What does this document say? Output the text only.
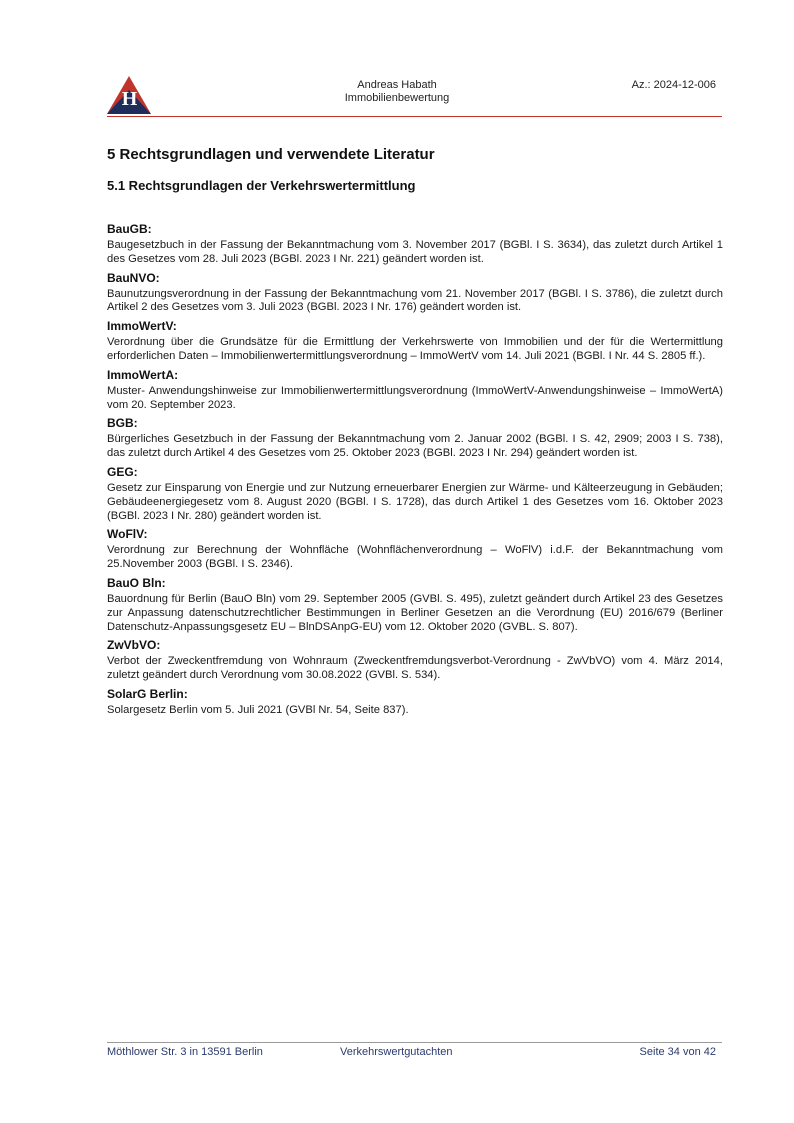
H
Andreas Habath
Immobilienbewertung
Az.: 2024-12-006
5 Rechtsgrundlagen und verwendete Literatur
5.1 Rechtsgrundlagen der Verkehrswertermittlung

BauGB:

Baugesetzbuch in der Fassung der Bekanntmachung vom 3. November 2017 (BGBl. I S. 3634), das zuletzt durch Artikel 1 des Gesetzes vom 28. Juli 2023 (BGBl. 2023 I Nr. 221) geändert worden ist.

BauNVO:

Baunutzungsverordnung in der Fassung der Bekanntmachung vom 21. November 2017 (BGBl. I S. 3786), die zuletzt durch Artikel 2 des Gesetzes vom 3. Juli 2023 (BGBl. 2023 I Nr. 176) geändert worden ist.

ImmoWertV:

Verordnung über die Grundsätze für die Ermittlung der Verkehrswerte von Immobilien und der für die Wertermittlung erforderlichen Daten – Immobilienwertermittlungsverordnung – ImmoWertV vom 14. Juli 2021 (BGBl. I Nr. 44 S. 2805 ff.).

ImmoWertA:

Muster- Anwendungshinweise zur Immobilienwertermittlungsverordnung (ImmoWertV-Anwendungshinweise – ImmoWertA) vom 20. September 2023.

BGB:

Bürgerliches Gesetzbuch in der Fassung der Bekanntmachung vom 2. Januar 2002 (BGBl. I S. 42, 2909; 2003 I S. 738), das zuletzt durch Artikel 4 des Gesetzes vom 25. Oktober 2023 (BGBl. 2023 I Nr. 294) geändert worden ist.

GEG:

Gesetz zur Einsparung von Energie und zur Nutzung erneuerbarer Energien zur Wärme- und Kälteerzeugung in Gebäuden; Gebäudeenergiegesetz vom 8. August 2020 (BGBl. I S. 1728), das durch Artikel 1 des Gesetzes vom 16. Oktober 2023 (BGBl. 2023 I Nr. 280) geändert worden ist.

WoFlV:

Verordnung zur Berechnung der Wohnfläche (Wohnflächenverordnung – WoFlV) i.d.F. der Bekanntmachung vom 25.November 2003 (BGBl. I S. 2346).

BauO Bln:

Bauordnung für Berlin (BauO Bln) vom 29. September 2005 (GVBl. S. 495), zuletzt geändert durch Artikel 23 des Gesetzes zur Anpassung datenschutzrechtlicher Bestimmungen in Berliner Gesetzen an die Verordnung (EU) 2016/679 (Berliner Datenschutz-Anpassungsgesetz EU – BlnDSAnpG-EU) vom 12. Oktober 2020 (GVBL. S. 807).

ZwVbVO:

Verbot der Zweckentfremdung von Wohnraum (Zweckentfremdungsverbot-Verordnung - ZwVbVO) vom 4. März 2014, zuletzt geändert durch Verordnung vom 30.08.2022 (GVBl. S. 534).

SolarG Berlin:

Solargesetz Berlin vom 5. Juli 2021 (GVBl Nr. 54, Seite 837).

Möthlower Str. 3 in 13591 Berlin	Verkehrswertgutachten	Seite 34 von 42
